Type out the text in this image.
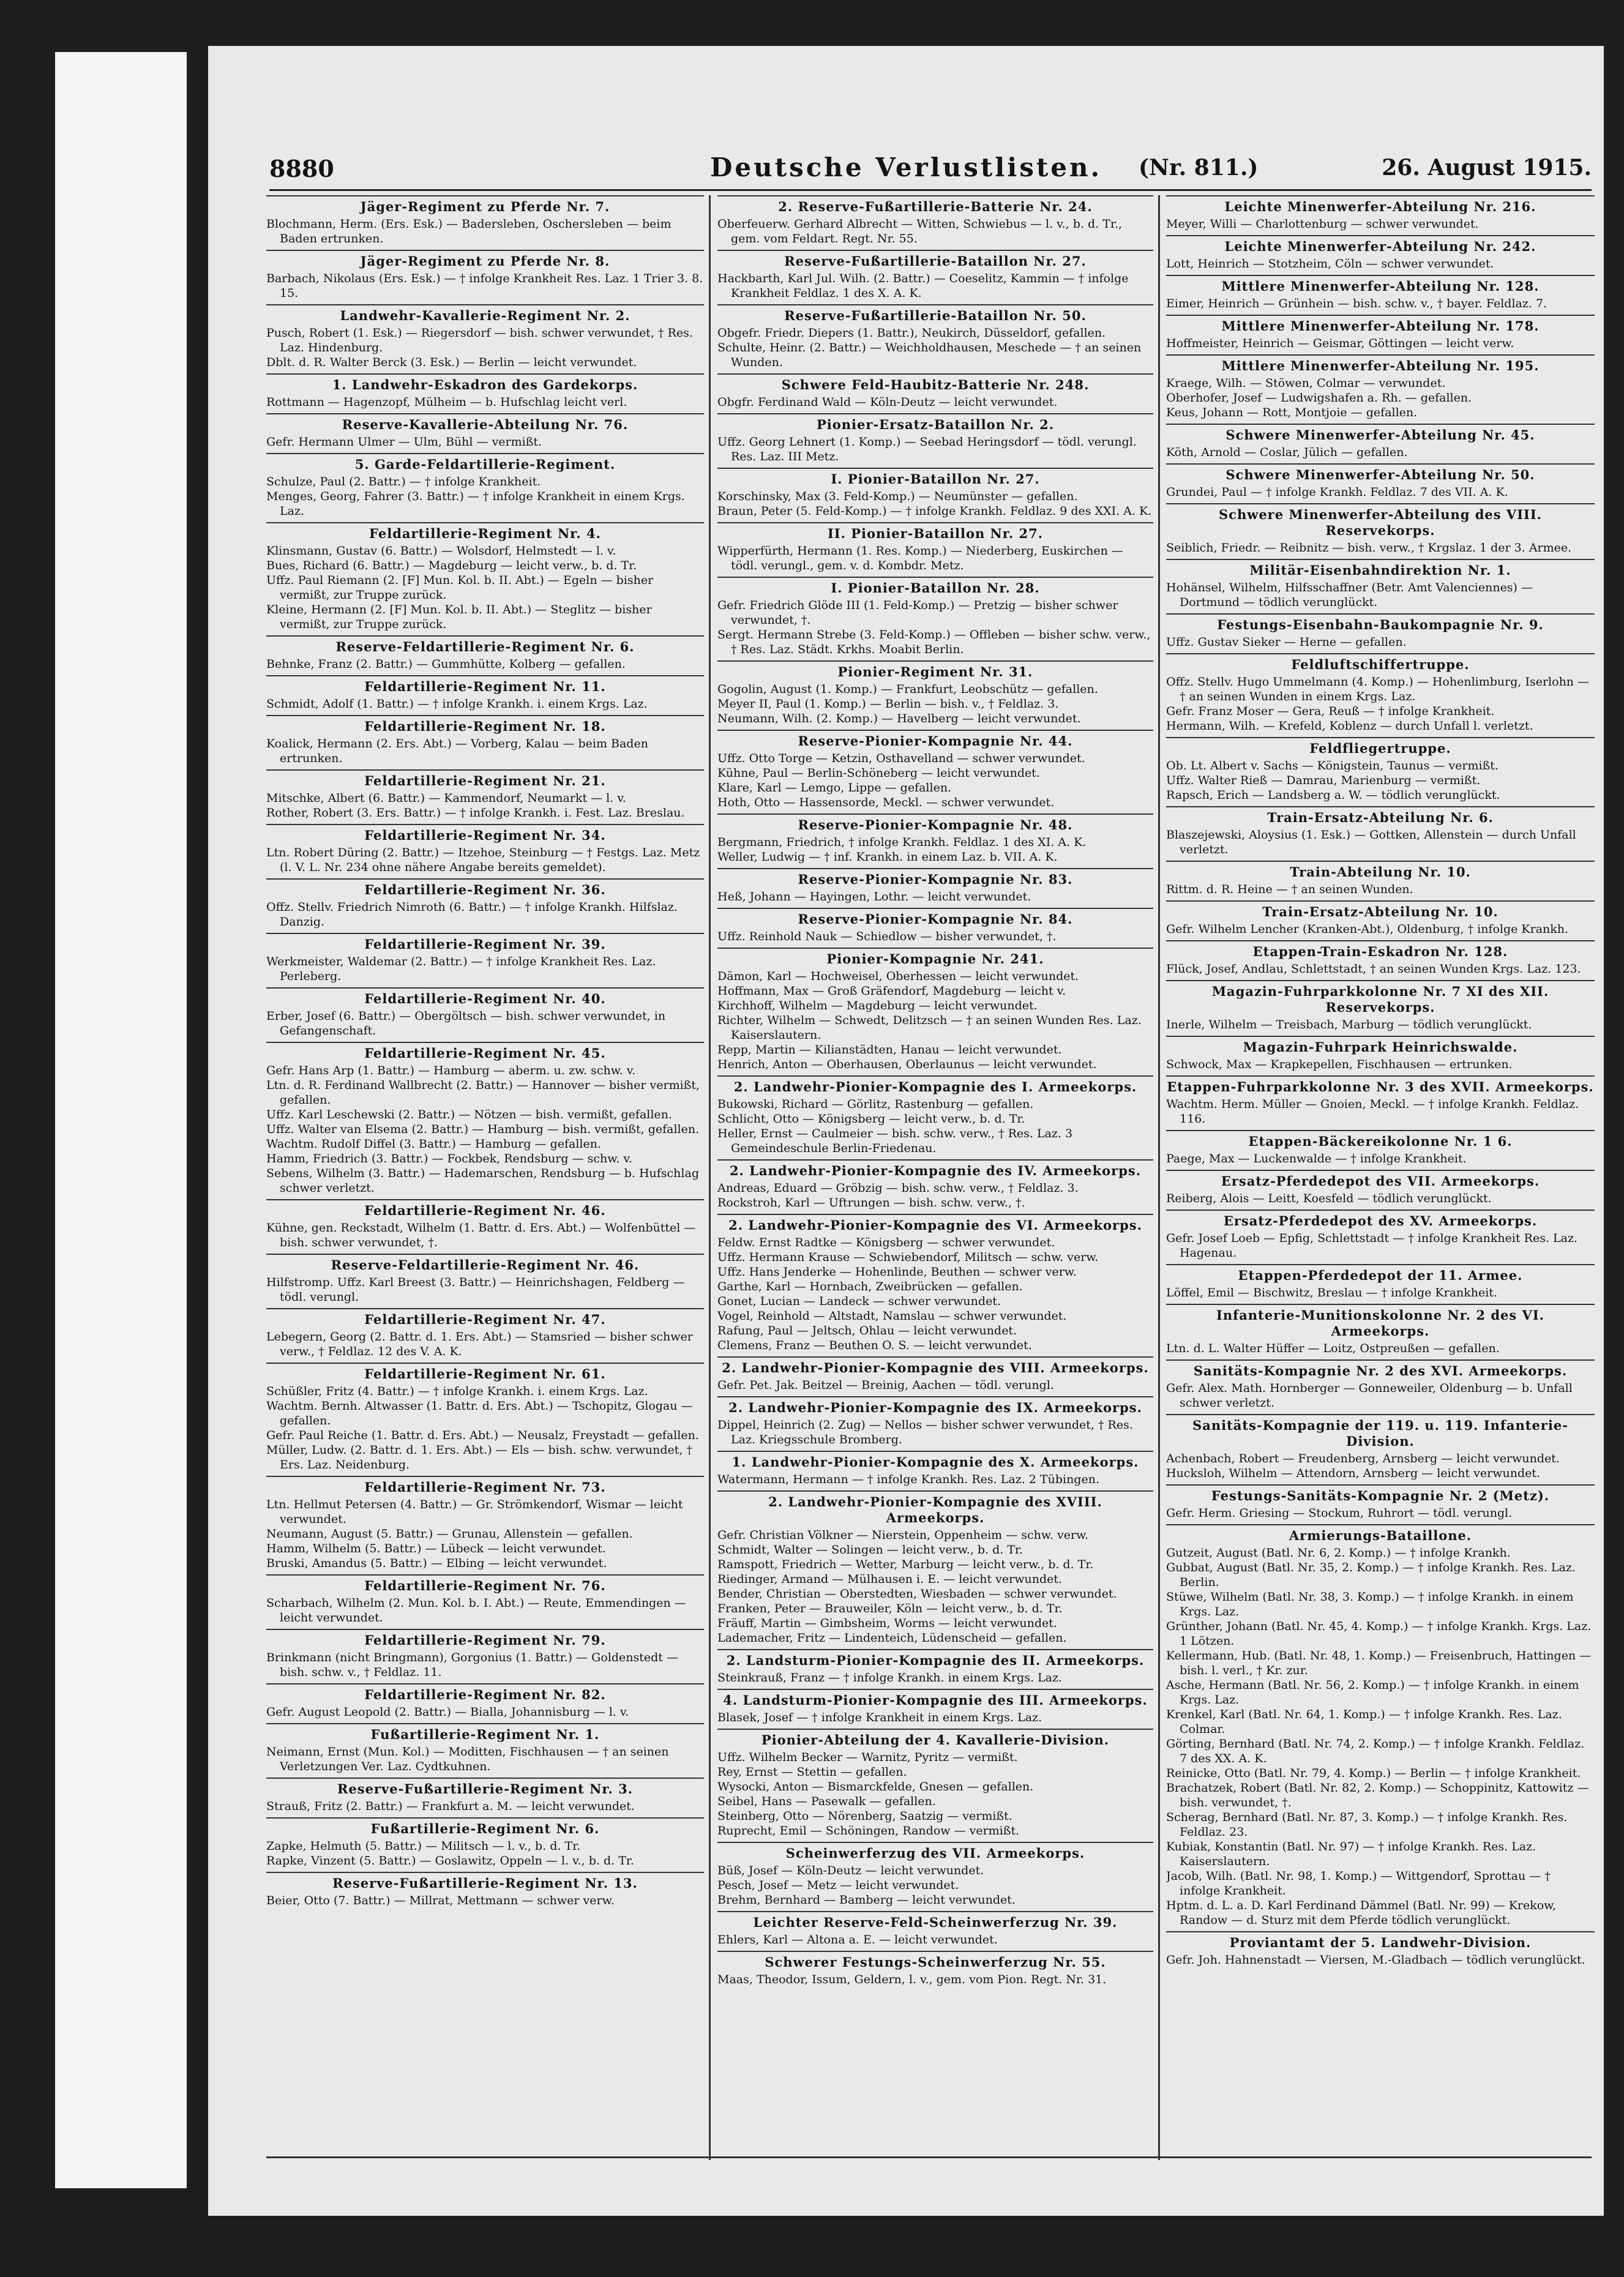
8880	Deutsche Verlustlisten. (Nr. 811.)	26. August 1915.
Jäger-Regiment zu Pferde Nr. 7.

Blochmann, Herm. (Ers. Esk.) — Badersleben, Oschersleben — beim Baden ertrunken.

Jäger-Regiment zu Pferde Nr. 8.

Barbach, Nikolaus (Ers. Esk.) — † infolge Krankheit Res. Laz. 1 Trier 3. 8. 15.

Landwehr-Kavallerie-Regiment Nr. 2.

Pusch, Robert (1. Esk.) — Riegersdorf — bish. schwer verwundet, † Res. Laz. Hindenburg.

Dblt. d. R. Walter Berck (3. Esk.) — Berlin — leicht verwundet.

1. Landwehr-Eskadron des Gardekorps.

Rottmann — Hagenzopf, Mülheim — b. Hufschlag leicht verl.

Reserve-Kavallerie-Abteilung Nr. 76.

Gefr. Hermann Ulmer — Ulm, Bühl — vermißt.

5. Garde-Feldartillerie-Regiment.

Schulze, Paul (2. Battr.) — † infolge Krankheit.

Menges, Georg, Fahrer (3. Battr.) — † infolge Krankheit in einem Krgs. Laz.

Feldartillerie-Regiment Nr. 4.

Klinsmann, Gustav (6. Battr.) — Wolsdorf, Helmstedt — l. v.

Bues, Richard (6. Battr.) — Magdeburg — leicht verw., b. d. Tr.

Uffz. Paul Riemann (2. [F] Mun. Kol. b. II. Abt.) — Egeln — bisher vermißt, zur Truppe zurück.

Kleine, Hermann (2. [F] Mun. Kol. b. II. Abt.) — Steglitz — bisher vermißt, zur Truppe zurück.

Reserve-Feldartillerie-Regiment Nr. 6.

Behnke, Franz (2. Battr.) — Gummhütte, Kolberg — gefallen.

Feldartillerie-Regiment Nr. 11.

Schmidt, Adolf (1. Battr.) — † infolge Krankh. i. einem Krgs. Laz.

Feldartillerie-Regiment Nr. 18.

Koalick, Hermann (2. Ers. Abt.) — Vorberg, Kalau — beim Baden ertrunken.

Feldartillerie-Regiment Nr. 21.

Mitschke, Albert (6. Battr.) — Kammendorf, Neumarkt — l. v.

Rother, Robert (3. Ers. Battr.) — † infolge Krankh. i. Fest. Laz. Breslau.

Feldartillerie-Regiment Nr. 34.

Ltn. Robert Düring (2. Battr.) — Itzehoe, Steinburg — † Festgs. Laz. Metz (l. V. L. Nr. 234 ohne nähere Angabe bereits gemeldet).

Feldartillerie-Regiment Nr. 36.

Offz. Stellv. Friedrich Nimroth (6. Battr.) — † infolge Krankh. Hilfslaz. Danzig.

Feldartillerie-Regiment Nr. 39.

Werkmeister, Waldemar (2. Battr.) — † infolge Krankheit Res. Laz. Perleberg.

Feldartillerie-Regiment Nr. 40.

Erber, Josef (6. Battr.) — Obergöltsch — bish. schwer verwundet, in Gefangenschaft.

Feldartillerie-Regiment Nr. 45.

Gefr. Hans Arp (1. Battr.) — Hamburg — aberm. u. zw. schw. v.

Ltn. d. R. Ferdinand Wallbrecht (2. Battr.) — Hannover — bisher vermißt, gefallen.

Uffz. Karl Leschewski (2. Battr.) — Nötzen — bish. vermißt, gefallen.

Uffz. Walter van Elsema (2. Battr.) — Hamburg — bish. vermißt, gefallen.

Wachtm. Rudolf Diffel (3. Battr.) — Hamburg — gefallen.

Hamm, Friedrich (3. Battr.) — Fockbek, Rendsburg — schw. v.

Sebens, Wilhelm (3. Battr.) — Hademarschen, Rendsburg — b. Hufschlag schwer verletzt.

Feldartillerie-Regiment Nr. 46.

Kühne, gen. Reckstadt, Wilhelm (1. Battr. d. Ers. Abt.) — Wolfenbüttel — bish. schwer verwundet, †.

Reserve-Feldartillerie-Regiment Nr. 46.

Hilfstromp. Uffz. Karl Breest (3. Battr.) — Heinrichshagen, Feldberg — tödl. verungl.

Feldartillerie-Regiment Nr. 47.

Lebegern, Georg (2. Battr. d. 1. Ers. Abt.) — Stamsried — bisher schwer verw., † Feldlaz. 12 des V. A. K.

Feldartillerie-Regiment Nr. 61.

Schüßler, Fritz (4. Battr.) — † infolge Krankh. i. einem Krgs. Laz.

Wachtm. Bernh. Altwasser (1. Battr. d. Ers. Abt.) — Tschopitz, Glogau — gefallen.

Gefr. Paul Reiche (1. Battr. d. Ers. Abt.) — Neusalz, Freystadt — gefallen.

Müller, Ludw. (2. Battr. d. 1. Ers. Abt.) — Els — bish. schw. verwundet, † Ers. Laz. Neidenburg.

Feldartillerie-Regiment Nr. 73.

Ltn. Hellmut Petersen (4. Battr.) — Gr. Strömkendorf, Wismar — leicht verwundet.

Neumann, August (5. Battr.) — Grunau, Allenstein — gefallen.

Hamm, Wilhelm (5. Battr.) — Lübeck — leicht verwundet.

Bruski, Amandus (5. Battr.) — Elbing — leicht verwundet.

Feldartillerie-Regiment Nr. 76.

Scharbach, Wilhelm (2. Mun. Kol. b. I. Abt.) — Reute, Emmendingen — leicht verwundet.

Feldartillerie-Regiment Nr. 79.

Brinkmann (nicht Bringmann), Gorgonius (1. Battr.) — Goldenstedt — bish. schw. v., † Feldlaz. 11.

Feldartillerie-Regiment Nr. 82.

Gefr. August Leopold (2. Battr.) — Bialla, Johannisburg — l. v.

Fußartillerie-Regiment Nr. 1.

Neimann, Ernst (Mun. Kol.) — Moditten, Fischhausen — † an seinen Verletzungen Ver. Laz. Cydtkuhnen.

Reserve-Fußartillerie-Regiment Nr. 3.

Strauß, Fritz (2. Battr.) — Frankfurt a. M. — leicht verwundet.

Fußartillerie-Regiment Nr. 6.

Zapke, Helmuth (5. Battr.) — Militsch — l. v., b. d. Tr.

Rapke, Vinzent (5. Battr.) — Goslawitz, Oppeln — l. v., b. d. Tr.

Reserve-Fußartillerie-Regiment Nr. 13.

Beier, Otto (7. Battr.) — Millrat, Mettmann — schwer verw.

2. Reserve-Fußartillerie-Batterie Nr. 24.

Oberfeuerw. Gerhard Albrecht — Witten, Schwiebus — l. v., b. d. Tr., gem. vom Feldart. Regt. Nr. 55.

Reserve-Fußartillerie-Bataillon Nr. 27.

Hackbarth, Karl Jul. Wilh. (2. Battr.) — Coeselitz, Kammin — † infolge Krankheit Feldlaz. 1 des X. A. K.

Reserve-Fußartillerie-Bataillon Nr. 50.

Obgefr. Friedr. Diepers (1. Battr.), Neukirch, Düsseldorf, gefallen.

Schulte, Heinr. (2. Battr.) — Weichholdhausen, Meschede — † an seinen Wunden.

Schwere Feld-Haubitz-Batterie Nr. 248.

Obgfr. Ferdinand Wald — Köln-Deutz — leicht verwundet.

Pionier-Ersatz-Bataillon Nr. 2.

Uffz. Georg Lehnert (1. Komp.) — Seebad Heringsdorf — tödl. verungl. Res. Laz. III Metz.

I. Pionier-Bataillon Nr. 27.

Korschinsky, Max (3. Feld-Komp.) — Neumünster — gefallen.

Braun, Peter (5. Feld-Komp.) — † infolge Krankh. Feldlaz. 9 des XXI. A. K.

II. Pionier-Bataillon Nr. 27.

Wipperfürth, Hermann (1. Res. Komp.) — Niederberg, Euskirchen — tödl. verungl., gem. v. d. Kombdr. Metz.

I. Pionier-Bataillon Nr. 28.

Gefr. Friedrich Glöde III (1. Feld-Komp.) — Pretzig — bisher schwer verwundet, †.

Sergt. Hermann Strebe (3. Feld-Komp.) — Offleben — bisher schw. verw., † Res. Laz. Städt. Krkhs. Moabit Berlin.

Pionier-Regiment Nr. 31.

Gogolin, August (1. Komp.) — Frankfurt, Leobschütz — gefallen.

Meyer II, Paul (1. Komp.) — Berlin — bish. v., † Feldlaz. 3.

Neumann, Wilh. (2. Komp.) — Havelberg — leicht verwundet.

Reserve-Pionier-Kompagnie Nr. 44.

Uffz. Otto Torge — Ketzin, Osthavelland — schwer verwundet.

Kühne, Paul — Berlin-Schöneberg — leicht verwundet.

Klare, Karl — Lemgo, Lippe — gefallen.

Hoth, Otto — Hassensorde, Meckl. — schwer verwundet.

Reserve-Pionier-Kompagnie Nr. 48.

Bergmann, Friedrich, † infolge Krankh. Feldlaz. 1 des XI. A. K.

Weller, Ludwig — † inf. Krankh. in einem Laz. b. VII. A. K.

Reserve-Pionier-Kompagnie Nr. 83.

Heß, Johann — Hayingen, Lothr. — leicht verwundet.

Reserve-Pionier-Kompagnie Nr. 84.

Uffz. Reinhold Nauk — Schiedlow — bisher verwundet, †.

Pionier-Kompagnie Nr. 241.

Dämon, Karl — Hochweisel, Oberhessen — leicht verwundet.

Hoffmann, Max — Groß Gräfendorf, Magdeburg — leicht v.

Kirchhoff, Wilhelm — Magdeburg — leicht verwundet.

Richter, Wilhelm — Schwedt, Delitzsch — † an seinen Wunden Res. Laz. Kaiserslautern.

Repp, Martin — Kilianstädten, Hanau — leicht verwundet.

Henrich, Anton — Oberhausen, Oberlaunus — leicht verwundet.

2. Landwehr-Pionier-Kompagnie des I. Armeekorps.

Bukowski, Richard — Görlitz, Rastenburg — gefallen.

Schlicht, Otto — Königsberg — leicht verw., b. d. Tr.

Heller, Ernst — Caulmeier — bish. schw. verw., † Res. Laz. 3 Gemeindeschule Berlin-Friedenau.

2. Landwehr-Pionier-Kompagnie des IV. Armeekorps.

Andreas, Eduard — Gröbzig — bish. schw. verw., † Feldlaz. 3.

Rockstroh, Karl — Uftrungen — bish. schw. verw., †.

2. Landwehr-Pionier-Kompagnie des VI. Armeekorps.

Feldw. Ernst Radtke — Königsberg — schwer verwundet.

Uffz. Hermann Krause — Schwiebendorf, Militsch — schw. verw.

Uffz. Hans Jenderke — Hohenlinde, Beuthen — schwer verw.

Garthe, Karl — Hornbach, Zweibrücken — gefallen.

Gonet, Lucian — Landeck — schwer verwundet.

Vogel, Reinhold — Altstadt, Namslau — schwer verwundet.

Rafung, Paul — Jeltsch, Ohlau — leicht verwundet.

Clemens, Franz — Beuthen O. S. — leicht verwundet.

2. Landwehr-Pionier-Kompagnie des VIII. Armeekorps.

Gefr. Pet. Jak. Beitzel — Breinig, Aachen — tödl. verungl.

2. Landwehr-Pionier-Kompagnie des IX. Armeekorps.

Dippel, Heinrich (2. Zug) — Nellos — bisher schwer verwundet, † Res. Laz. Kriegsschule Bromberg.

1. Landwehr-Pionier-Kompagnie des X. Armeekorps.

Watermann, Hermann — † infolge Krankh. Res. Laz. 2 Tübingen.

2. Landwehr-Pionier-Kompagnie des XVIII. Armeekorps.

Gefr. Christian Völkner — Nierstein, Oppenheim — schw. verw.

Schmidt, Walter — Solingen — leicht verw., b. d. Tr.

Ramspott, Friedrich — Wetter, Marburg — leicht verw., b. d. Tr.

Riedinger, Armand — Mülhausen i. E. — leicht verwundet.

Bender, Christian — Oberstedten, Wiesbaden — schwer verwundet.

Franken, Peter — Brauweiler, Köln — leicht verw., b. d. Tr.

Fräuff, Martin — Gimbsheim, Worms — leicht verwundet.

Lademacher, Fritz — Lindenteich, Lüdenscheid — gefallen.

2. Landsturm-Pionier-Kompagnie des II. Armeekorps.

Steinkrauß, Franz — † infolge Krankh. in einem Krgs. Laz.

4. Landsturm-Pionier-Kompagnie des III. Armeekorps.

Blasek, Josef — † infolge Krankheit in einem Krgs. Laz.

Pionier-Abteilung der 4. Kavallerie-Division.

Uffz. Wilhelm Becker — Warnitz, Pyritz — vermißt.

Rey, Ernst — Stettin — gefallen.

Wysocki, Anton — Bismarckfelde, Gnesen — gefallen.

Seibel, Hans — Pasewalk — gefallen.

Steinberg, Otto — Nörenberg, Saatzig — vermißt.

Ruprecht, Emil — Schöningen, Randow — vermißt.

Scheinwerferzug des VII. Armeekorps.

Büß, Josef — Köln-Deutz — leicht verwundet.

Pesch, Josef — Metz — leicht verwundet.

Brehm, Bernhard — Bamberg — leicht verwundet.

Leichter Reserve-Feld-Scheinwerferzug Nr. 39.

Ehlers, Karl — Altona a. E. — leicht verwundet.

Schwerer Festungs-Scheinwerferzug Nr. 55.

Maas, Theodor, Issum, Geldern, l. v., gem. vom Pion. Regt. Nr. 31.

Leichte Minenwerfer-Abteilung Nr. 216.

Meyer, Willi — Charlottenburg — schwer verwundet.

Leichte Minenwerfer-Abteilung Nr. 242.

Lott, Heinrich — Stotzheim, Cöln — schwer verwundet.

Mittlere Minenwerfer-Abteilung Nr. 128.

Eimer, Heinrich — Grünhein — bish. schw. v., † bayer. Feldlaz. 7.

Mittlere Minenwerfer-Abteilung Nr. 178.

Hoffmeister, Heinrich — Geismar, Göttingen — leicht verw.

Mittlere Minenwerfer-Abteilung Nr. 195.

Kraege, Wilh. — Stöwen, Colmar — verwundet.

Oberhofer, Josef — Ludwigshafen a. Rh. — gefallen.

Keus, Johann — Rott, Montjoie — gefallen.

Schwere Minenwerfer-Abteilung Nr. 45.

Köth, Arnold — Coslar, Jülich — gefallen.

Schwere Minenwerfer-Abteilung Nr. 50.

Grundei, Paul — † infolge Krankh. Feldlaz. 7 des VII. A. K.

Schwere Minenwerfer-Abteilung des VIII. Reservekorps.

Seiblich, Friedr. — Reibnitz — bish. verw., † Krgslaz. 1 der 3. Armee.

Militär-Eisenbahndirektion Nr. 1.

Hohänsel, Wilhelm, Hilfsschaffner (Betr. Amt Valenciennes) — Dortmund — tödlich verunglückt.

Festungs-Eisenbahn-Baukompagnie Nr. 9.

Uffz. Gustav Sieker — Herne — gefallen.

Feldluftschiffertruppe.

Offz. Stellv. Hugo Ummelmann (4. Komp.) — Hohenlimburg, Iserlohn — † an seinen Wunden in einem Krgs. Laz.

Gefr. Franz Moser — Gera, Reuß — † infolge Krankheit.

Hermann, Wilh. — Krefeld, Koblenz — durch Unfall l. verletzt.

Feldfliegertruppe.

Ob. Lt. Albert v. Sachs — Königstein, Taunus — vermißt.

Uffz. Walter Rieß — Damrau, Marienburg — vermißt.

Rapsch, Erich — Landsberg a. W. — tödlich verunglückt.

Train-Ersatz-Abteilung Nr. 6.

Blaszejewski, Aloysius (1. Esk.) — Gottken, Allenstein — durch Unfall verletzt.

Train-Abteilung Nr. 10.

Rittm. d. R. Heine — † an seinen Wunden.

Train-Ersatz-Abteilung Nr. 10.

Gefr. Wilhelm Lencher (Kranken-Abt.), Oldenburg, † infolge Krankh.

Etappen-Train-Eskadron Nr. 128.

Flück, Josef, Andlau, Schlettstadt, † an seinen Wunden Krgs. Laz. 123.

Magazin-Fuhrparkkolonne Nr. 7 XI des XII. Reservekorps.

Inerle, Wilhelm — Treisbach, Marburg — tödlich verunglückt.

Magazin-Fuhrpark Heinrichswalde.

Schwock, Max — Krapkepellen, Fischhausen — ertrunken.

Etappen-Fuhrparkkolonne Nr. 3 des XVII. Armeekorps.

Wachtm. Herm. Müller — Gnoien, Meckl. — † infolge Krankh. Feldlaz. 116.

Etappen-Bäckereikolonne Nr. 1 6.

Paege, Max — Luckenwalde — † infolge Krankheit.

Ersatz-Pferdedepot des VII. Armeekorps.

Reiberg, Alois — Leitt, Koesfeld — tödlich verunglückt.

Ersatz-Pferdedepot des XV. Armeekorps.

Gefr. Josef Loeb — Epfig, Schlettstadt — † infolge Krankheit Res. Laz. Hagenau.

Etappen-Pferdedepot der 11. Armee.

Löffel, Emil — Bischwitz, Breslau — † infolge Krankheit.

Infanterie-Munitionskolonne Nr. 2 des VI. Armeekorps.

Ltn. d. L. Walter Hüffer — Loitz, Ostpreußen — gefallen.

Sanitäts-Kompagnie Nr. 2 des XVI. Armeekorps.

Gefr. Alex. Math. Hornberger — Gonneweiler, Oldenburg — b. Unfall schwer verletzt.

Sanitäts-Kompagnie der 119. u. 119. Infanterie-Division.

Achenbach, Robert — Freudenberg, Arnsberg — leicht verwundet.

Hucksloh, Wilhelm — Attendorn, Arnsberg — leicht verwundet.

Festungs-Sanitäts-Kompagnie Nr. 2 (Metz).

Gefr. Herm. Griesing — Stockum, Ruhrort — tödl. verungl.

Armierungs-Bataillone.

Gutzeit, August (Batl. Nr. 6, 2. Komp.) — † infolge Krankh.

Gubbat, August (Batl. Nr. 35, 2. Komp.) — † infolge Krankh. Res. Laz. Berlin.

Stüwe, Wilhelm (Batl. Nr. 38, 3. Komp.) — † infolge Krankh. in einem Krgs. Laz.

Grünther, Johann (Batl. Nr. 45, 4. Komp.) — † infolge Krankh. Krgs. Laz. 1 Lötzen.

Kellermann, Hub. (Batl. Nr. 48, 1. Komp.) — Freisenbruch, Hattingen — bish. l. verl., † Kr. zur.

Asche, Hermann (Batl. Nr. 56, 2. Komp.) — † infolge Krankh. in einem Krgs. Laz.

Krenkel, Karl (Batl. Nr. 64, 1. Komp.) — † infolge Krankh. Res. Laz. Colmar.

Görting, Bernhard (Batl. Nr. 74, 2. Komp.) — † infolge Krankh. Feldlaz. 7 des XX. A. K.

Reinicke, Otto (Batl. Nr. 79, 4. Komp.) — Berlin — † infolge Krankheit.

Brachatzek, Robert (Batl. Nr. 82, 2. Komp.) — Schoppinitz, Kattowitz — bish. verwundet, †.

Scherag, Bernhard (Batl. Nr. 87, 3. Komp.) — † infolge Krankh. Res. Feldlaz. 23.

Kubiak, Konstantin (Batl. Nr. 97) — † infolge Krankh. Res. Laz. Kaiserslautern.

Jacob, Wilh. (Batl. Nr. 98, 1. Komp.) — Wittgendorf, Sprottau — † infolge Krankheit.

Hptm. d. L. a. D. Karl Ferdinand Dämmel (Batl. Nr. 99) — Krekow, Randow — d. Sturz mit dem Pferde tödlich verunglückt.

Proviantamt der 5. Landwehr-Division.

Gefr. Joh. Hahnenstadt — Viersen, M.-Gladbach — tödlich verunglückt.
